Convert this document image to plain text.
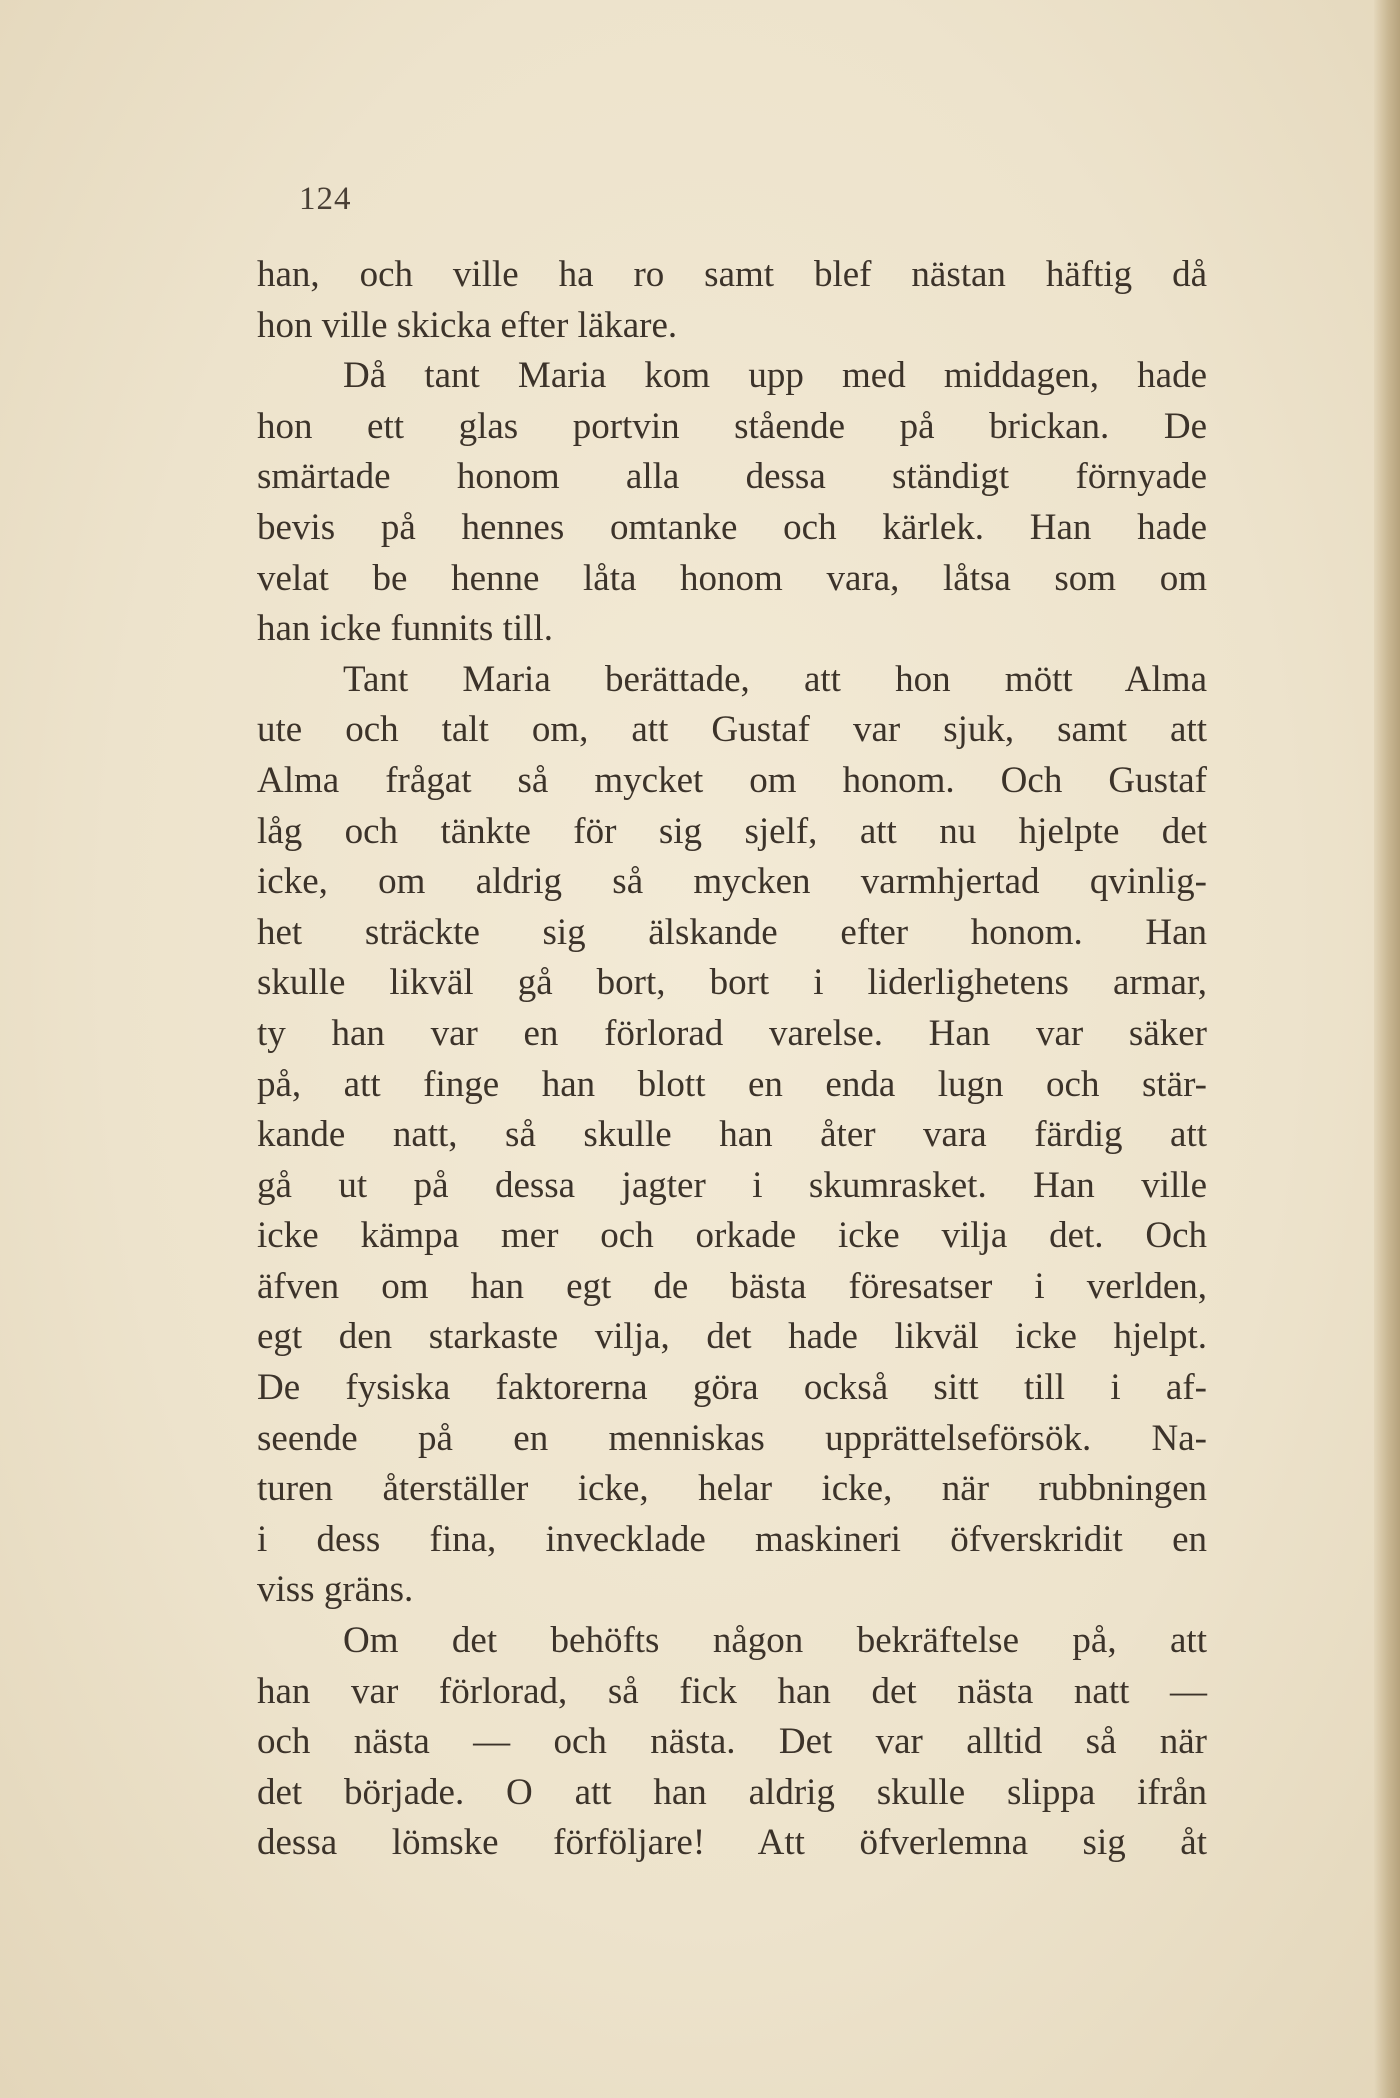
124
han, och ville ha ro samt blef nästan häftig då
hon ville skicka efter läkare.
Då tant Maria kom upp med middagen, hade
hon ett glas portvin stående på brickan. De
smärtade honom alla dessa ständigt förnyade
bevis på hennes omtanke och kärlek. Han hade
velat be henne låta honom vara, låtsa som om
han icke funnits till.
Tant Maria berättade, att hon mött Alma
ute och talt om, att Gustaf var sjuk, samt att
Alma frågat så mycket om honom. Och Gustaf
låg och tänkte för sig sjelf, att nu hjelpte det
icke, om aldrig så mycken varmhjertad qvinlig-
het sträckte sig älskande efter honom. Han
skulle likväl gå bort, bort i liderlighetens armar,
ty han var en förlorad varelse. Han var säker
på, att finge han blott en enda lugn och stär-
kande natt, så skulle han åter vara färdig att
gå ut på dessa jagter i skumrasket. Han ville
icke kämpa mer och orkade icke vilja det. Och
äfven om han egt de bästa föresatser i verlden,
egt den starkaste vilja, det hade likväl icke hjelpt.
De fysiska faktorerna göra också sitt till i af-
seende på en menniskas upprättelseförsök. Na-
turen återställer icke, helar icke, när rubbningen
i dess fina, invecklade maskineri öfverskridit en
viss gräns.
Om det behöfts någon bekräftelse på, att
han var förlorad, så fick han det nästa natt —
och nästa — och nästa. Det var alltid så när
det började. O att han aldrig skulle slippa ifrån
dessa lömske förföljare! Att öfverlemna sig åt
